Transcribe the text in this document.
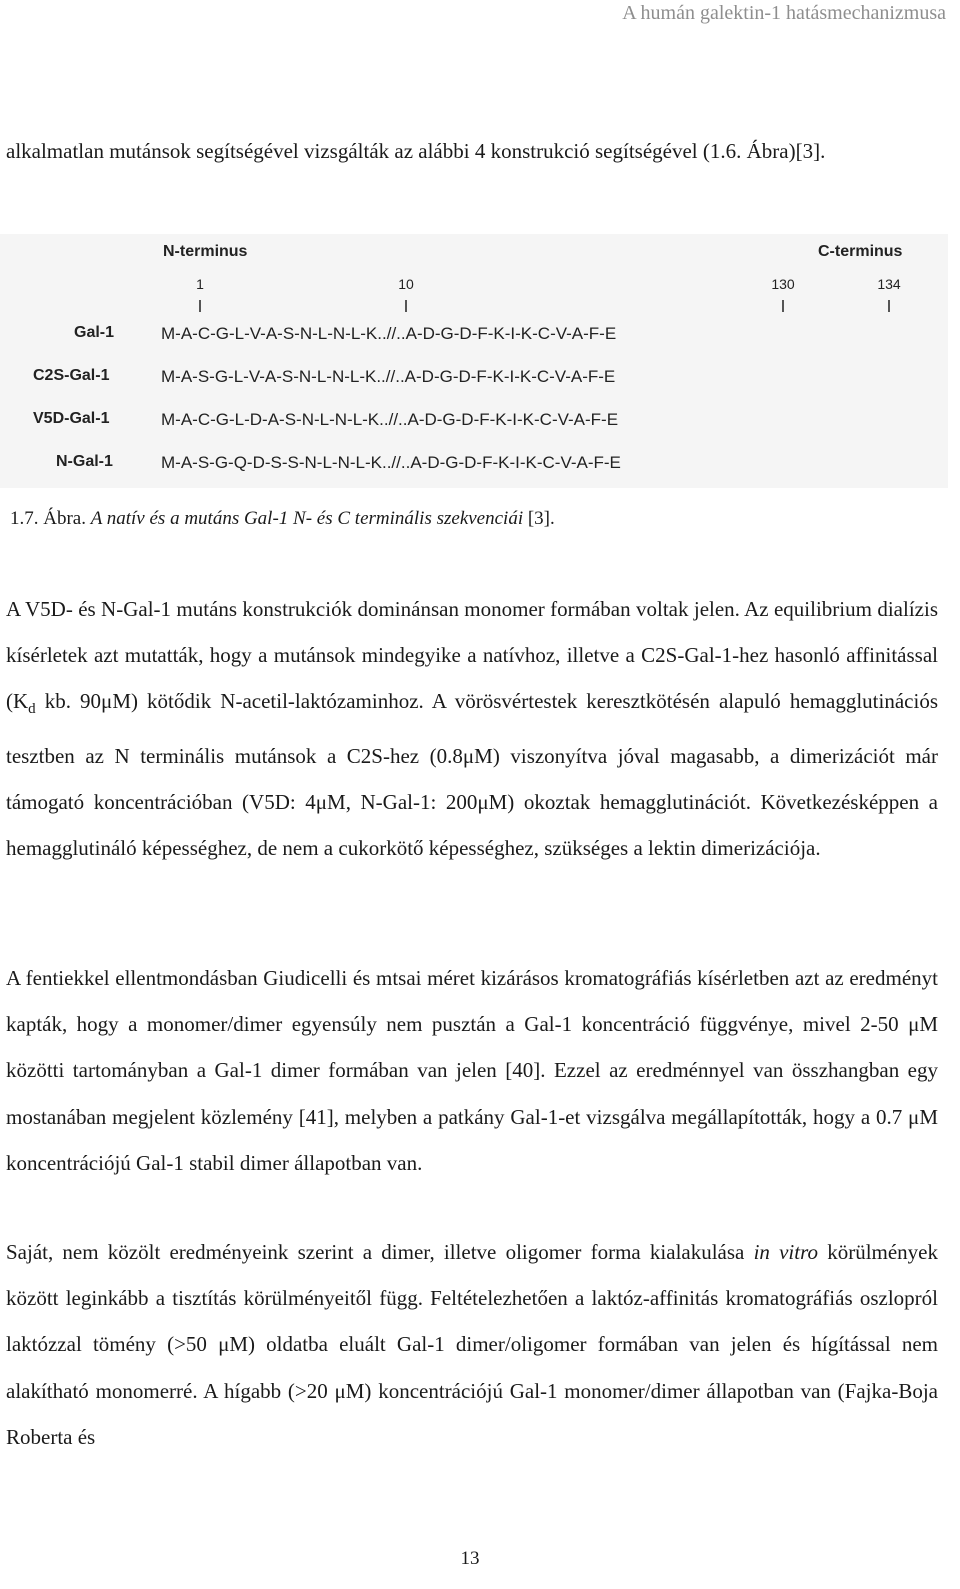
A humán galektin-1 hatásmechanizmusa
alkalmatlan mutánsok segítségével vizsgálták az alábbi 4 konstrukció segítségével (1.6. Ábra)[3].
N-terminus	C-terminus
1	10	130	134
Gal-1	M-A-C-G-L-V-A-S-N-L-N-L-K..//..A-D-G-D-F-K-I-K-C-V-A-F-E
C2S-Gal-1	M-A-S-G-L-V-A-S-N-L-N-L-K..//..A-D-G-D-F-K-I-K-C-V-A-F-E
V5D-Gal-1	M-A-C-G-L-D-A-S-N-L-N-L-K..//..A-D-G-D-F-K-I-K-C-V-A-F-E
N-Gal-1	M-A-S-G-Q-D-S-S-N-L-N-L-K..//..A-D-G-D-F-K-I-K-C-V-A-F-E
1.7. Ábra. A natív és a mutáns Gal-1 N- és C terminális szekvenciái [3].
A V5D- és N-Gal-1 mutáns konstrukciók dominánsan monomer formában voltak jelen. Az equilibrium dialízis kísérletek azt mutatták, hogy a mutánsok mindegyike a natívhoz, illetve a C2S-Gal-1-hez hasonló affinitással ($K_d$ kb. 90μM) kötődik N-acetil-laktózaminhoz. A vörösvértestek keresztkötésén alapuló hemagglutinációs tesztben az N terminális mutánsok a C2S-hez (0.8μM) viszonyítva jóval magasabb, a dimerizációt már támogató koncentrációban (V5D: 4μM, N-Gal-1: 200μM) okoztak hemagglutinációt. Következésképpen a hemagglutináló képességhez, de nem a cukorkötő képességhez, szükséges a lektin dimerizációja.
A fentiekkel ellentmondásban Giudicelli és mtsai méret kizárásos kromatográfiás kísérletben azt az eredményt kapták, hogy a monomer/dimer egyensúly nem pusztán a Gal-1 koncentráció függvénye, mivel 2-50 μM közötti tartományban a Gal-1 dimer formában van jelen [40]. Ezzel az eredménnyel van összhangban egy mostanában megjelent közlemény [41], melyben a patkány Gal-1-et vizsgálva megállapították, hogy a 0.7 μM koncentrációjú Gal-1 stabil dimer állapotban van.
Saját, nem közölt eredményeink szerint a dimer, illetve oligomer forma kialakulása in vitro körülmények között leginkább a tisztítás körülményeitől függ. Feltételezhetően a laktóz-affinitás kromatográfiás oszlopról laktózzal tömény (>50 μM) oldatba eluált Gal-1 dimer/oligomer formában van jelen és hígítással nem alakítható monomerré. A hígabb (>20 μM) koncentrációjú Gal-1 monomer/dimer állapotban van (Fajka-Boja Roberta és
13
